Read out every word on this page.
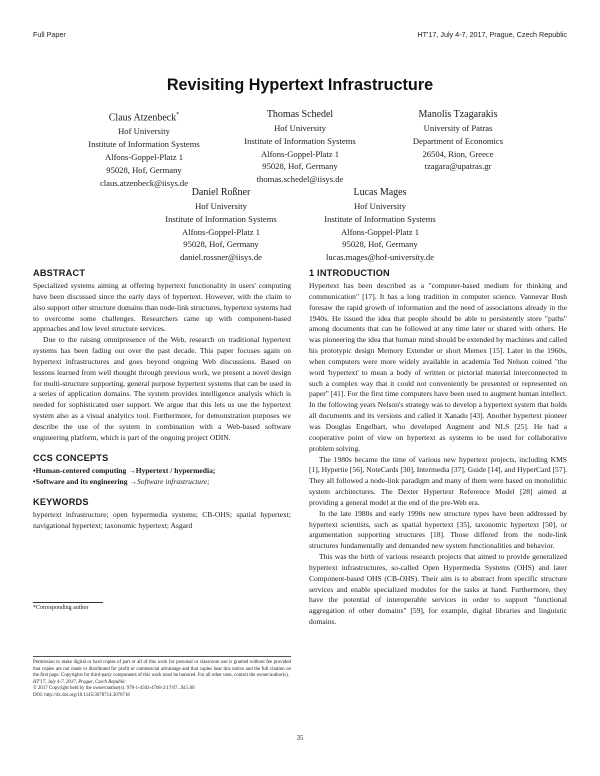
Full Paper	HT'17, July 4-7, 2017, Prague, Czech Republic
Revisiting Hypertext Infrastructure
Claus Atzenbeck*
Hof University
Institute of Information Systems
Alfons-Goppel-Platz 1
95028, Hof, Germany
claus.atzenbeck@iisys.de
Thomas Schedel
Hof University
Institute of Information Systems
Alfons-Goppel-Platz 1
95028, Hof, Germany
thomas.schedel@iisys.de
Manolis Tzagarakis
University of Patras
Department of Economics
26504, Rion, Greece
tzagara@upatras.gr
Daniel Roßner
Hof University
Institute of Information Systems
Alfons-Goppel-Platz 1
95028, Hof, Germany
daniel.rossner@iisys.de
Lucas Mages
Hof University
Institute of Information Systems
Alfons-Goppel-Platz 1
95028, Hof, Germany
lucas.mages@hof-university.de
ABSTRACT

Specialized systems aiming at offering hypertext functionality in users' computing have been discussed since the early days of hypertext. However, with the claim to also support other structure domains than node-link structures, hypertext systems had to overcome some challenges. Researchers came up with component-based approaches and low level structure services.

Due to the raising omnipresence of the Web, research on traditional hypertext systems has been fading out over the past decade. This paper focuses again on hypertext infrastructures and goes beyond ongoing Web discussions. Based on lessons learned from well thought through previous work, we present a novel design for multi-structure supporting, general purpose hypertext systems that can be used in a series of application domains. The system provides intelligence analysis which is needed for sophisticated user support. We argue that this lets us use the hypertext system also as a visual analytics tool. Furthermore, for demonstration purposes we describe the use of the system in combination with a Web-based software engineering platform, which is part of the ongoing project ODIN.

CCS CONCEPTS
•Human-centered computing →Hypertext / hypermedia;
•Software and its engineering →Software infrastructure;
KEYWORDS
hypertext infrastructure; open hypermedia systems; CB-OHS; spatial hypertext; navigational hypertext; taxonomic hypertext; Asgard
*Corresponding author

Permission to make digital or hard copies of part or all of this work for personal or classroom use is granted without fee provided that copies are not made or distributed for profit or commercial advantage and that copies bear this notice and the full citation on the first page. Copyrights for third-party components of this work must be honored. For all other uses, contact the owner/author(s).

HT'17, July 4-7, 2017, Prague, Czech Republic.

© 2017 Copyright held by the owner/author(s). 978-1-4503-4708-2/17/07...$15.00

DOI: http://dx.doi.org/10.1145/3078714.3078718

1 INTRODUCTION

Hypertext has been described as a "computer-based medium for thinking and communication" [17]. It has a long tradition in computer science. Vannevar Bush foresaw the rapid growth of information and the need of associations already in the 1940s. He issued the idea that people should be able to persistently store "paths" among documents that can be followed at any time later or shared with others. He was pioneering the idea that human mind should be extended by machines and called his prototypic design Memory Extender or short Memex [15]. Later in the 1960s, when computers were more widely available in academia Ted Nelson coined "the word 'hypertext' to mean a body of written or pictorial material interconnected in such a complex way that it could not conveniently be presented or represented on paper" [41]. For the first time computers have been used to augment human intellect. In the following years Nelson's strategy was to develop a hypertext system that holds all documents and its versions and called it Xanadu [43]. Another hypertext pioneer was Douglas Engelbart, who developed Augment and NLS [25]. He had a cooperative point of view on hypertext as systems to be used for collaborative problem solving.

The 1980s became the time of various new hypertext projects, including KMS [1], Hypertie [56], NoteCards [30], Intermedia [37], Guide [14], and HyperCard [57]. They all followed a node-link paradigm and many of them were based on monolithic system architectures. The Dexter Hypertext Reference Model [28] aimed at providing a general model at the end of the pre-Web era.

In the late 1980s and early 1990s new structure types have been addressed by hypertext scientists, such as spatial hypertext [35], taxonomic hypertext [50], or argumentation supporting structures [18]. Those differed from the node-link structures fundamentally and demanded new system functionalities and behavior.

This was the birth of various research projects that aimed to provide generalized hypertext infrastructures, so-called Open Hypermedia Systems (OHS) and later Component-based OHS (CB-OHS). Their aim is to abstract from specific structure services and enable specialized modules for the tasks at hand. Furthermore, they have the potential of interoperable services in order to support "functional aggregation of other domains" [59], for example, digital libraries and linguistic domains.

35
